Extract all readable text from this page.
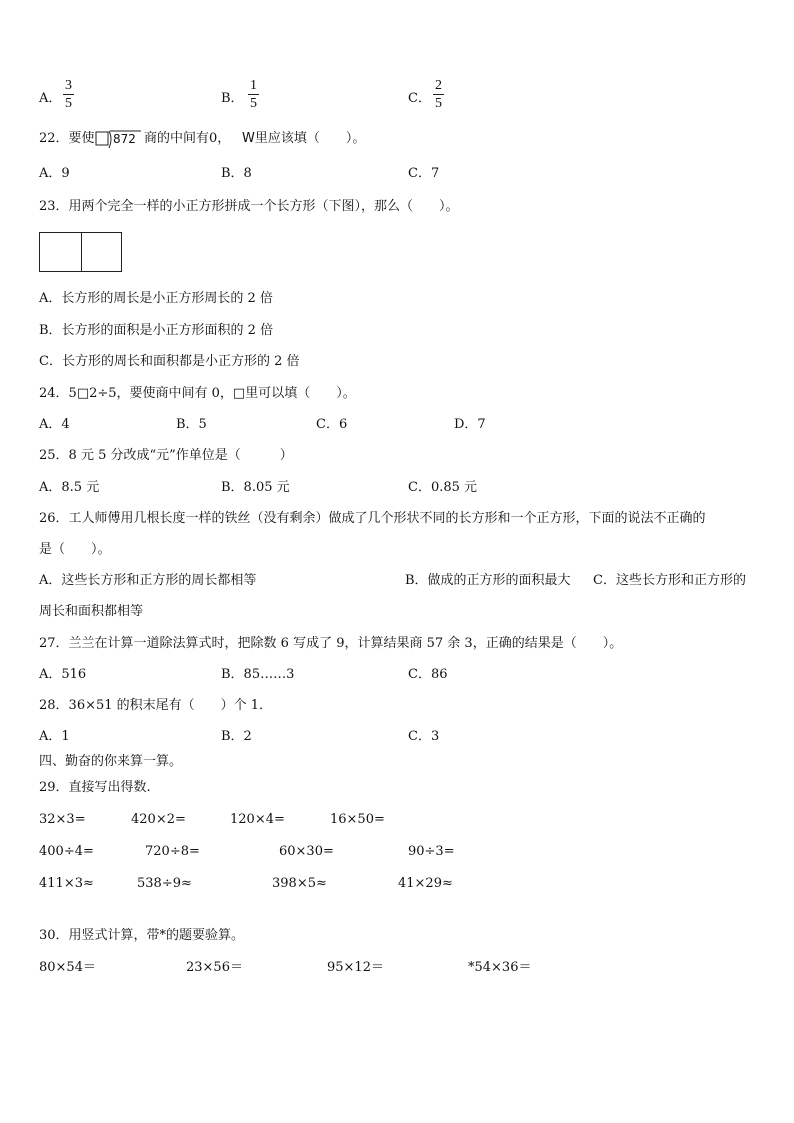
A．
3
5	B．
1
5	C．
2
5
22．要使 872 商的中间有0， W里应该填（　　）。
A．9	B．8	C．7
23．用两个完全一样的小正方形拼成一个长方形（下图），那么（　　）。
A．长方形的周长是小正方形周长的 2 倍
B．长方形的面积是小正方形面积的 2 倍
C．长方形的周长和面积都是小正方形的 2 倍
24．5□2÷5，要使商中间有 0，□里可以填（　　）。
A．4	B．5	C．6	D．7
25．8 元 5 分改成“元”作单位是（　　　）
A．8.5 元	B．8.05 元	C．0.85 元
26．工人师傅用几根长度一样的铁丝（没有剩余）做成了几个形状不同的长方形和一个正方形，下面的说法不正确的
是（　　）。
A．这些长方形和正方形的周长都相等	B．做成的正方形的面积最大 C．这些长方形和正方形的
周长和面积都相等
27．兰兰在计算一道除法算式时，把除数 6 写成了 9，计算结果商 57 余 3，正确的结果是（　　）。
A．516	B．85……3	C．86
28．36×51 的积末尾有（　　）个 1．
A．1	B．2	C．3
四、勤奋的你来算一算。
29．直接写出得数.
32×3=	420×2=	120×4=	16×50=
400÷4=	720÷8=	60×30=	90÷3=
411×3≈	538÷9≈	398×5≈	41×29≈
30．用竖式计算，带*的题要验算。
80×54＝	23×56＝	95×12＝	*54×36＝
